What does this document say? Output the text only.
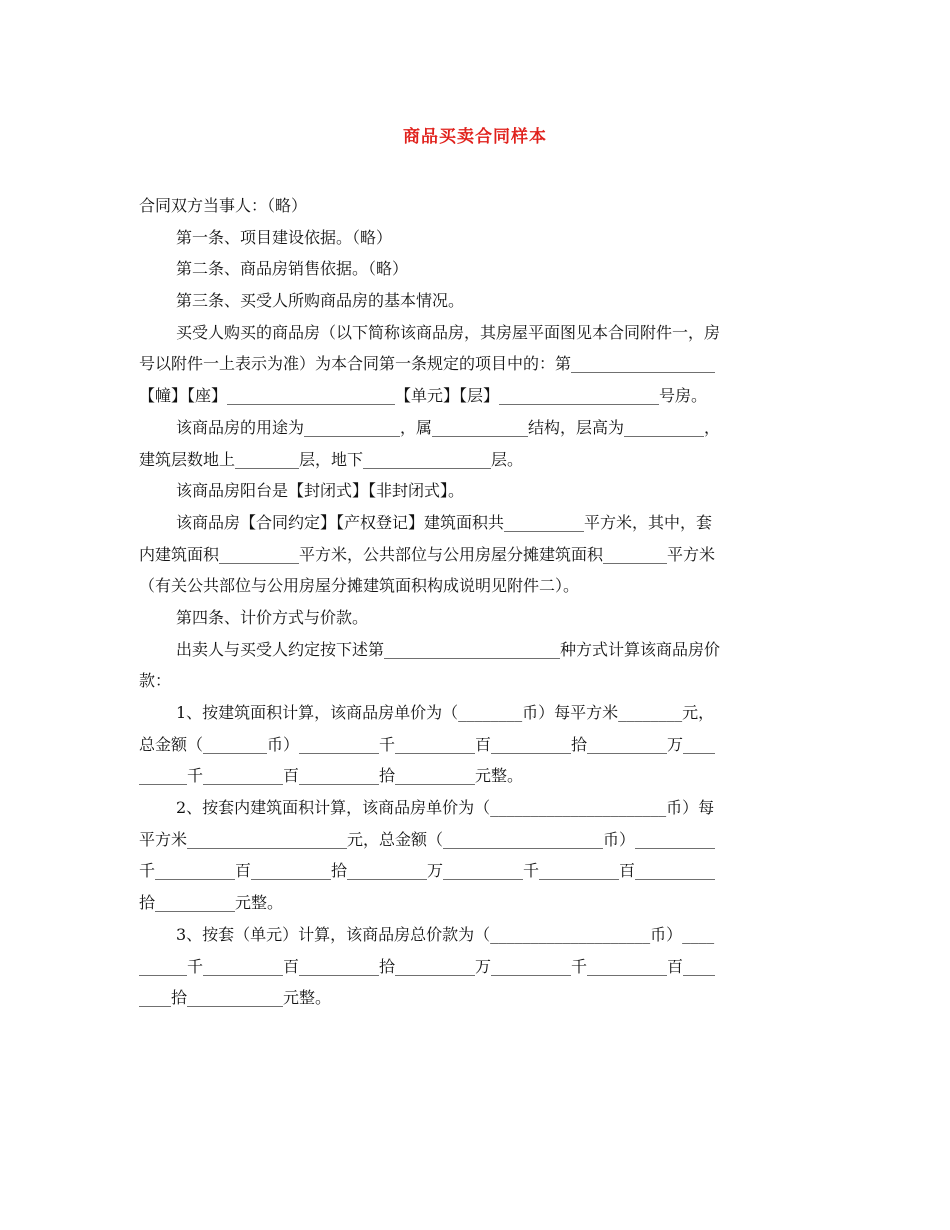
商品买卖合同样本
合同双方当事人：（略）
第一条、项目建设依据。（略）
第二条、商品房销售依据。（略）
第三条、买受人所购商品房的基本情况。
买受人购买的商品房（以下简称该商品房，其房屋平面图见本合同附件一，房
号以附件一上表示为准）为本合同第一条规定的项目中的：第__________________
【幢】【座】_____________________【单元】【层】____________________号房。
该商品房的用途为____________，属____________结构，层高为__________，
建筑层数地上________层，地下________________层。
该商品房阳台是【封闭式】【非封闭式】。
该商品房【合同约定】【产权登记】建筑面积共__________平方米，其中，套
内建筑面积__________平方米，公共部位与公用房屋分摊建筑面积________平方米
（有关公共部位与公用房屋分摊建筑面积构成说明见附件二）。
第四条、计价方式与价款。
出卖人与买受人约定按下述第______________________种方式计算该商品房价
款：
1、按建筑面积计算，该商品房单价为（________币）每平方米________元，
总金额（________币）__________千__________百__________拾__________万____
______千__________百__________拾__________元整。
2、按套内建筑面积计算，该商品房单价为（______________________币）每
平方米____________________元，总金额（____________________币）__________
千__________百__________拾__________万__________千__________百__________
拾__________元整。
3、按套（单元）计算，该商品房总价款为（____________________币）____
______千__________百__________拾__________万__________千__________百____
____拾____________元整。
